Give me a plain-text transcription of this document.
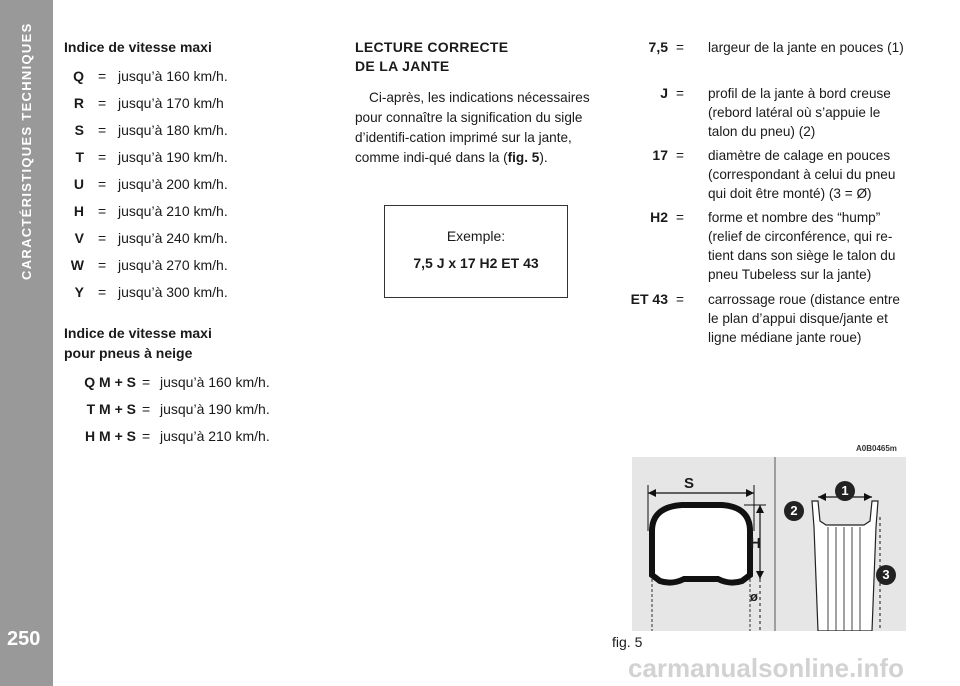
CARACTÉRISTIQUES TECHNIQUES
250
Indice de vitesse maxi
Q = jusqu’à 160 km/h.
R = jusqu’à 170 km/h
S = jusqu’à 180 km/h.
T = jusqu’à 190 km/h.
U = jusqu’à 200 km/h.
H = jusqu’à 210 km/h.
V = jusqu’à 240 km/h.
W = jusqu’à 270 km/h.
Y = jusqu’à 300 km/h.
Indice de vitesse maxi
pour pneus à neige
Q M + S = jusqu’à 160 km/h.
T M + S = jusqu’à 190 km/h.
H M + S = jusqu’à 210 km/h.
LECTURE CORRECTE
DE LA JANTE

Ci-après, les indications nécessaires pour connaître la signification du sigle d’identifi-cation imprimé sur la jante, comme indi-qué dans la (fig. 5).

Exemple:
7,5 J x 17 H2 ET 43
7,5 = largeur de la jante en pouces (1)
J = profil de la jante à bord creuse (rebord latéral où s’appuie le talon du pneu) (2)
17 = diamètre de calage en pouces (correspondant à celui du pneu qui doit être monté) (3 = Ø)
H2 = forme et nombre des “hump” (relief de circonférence, qui re-tient dans son siège le talon du pneu Tubeless sur la jante)
ET 43 = carrossage roue (distance entre le plan d’appui disque/jante et ligne médiane jante roue)
A0B0465m
S
H
ø
1
2
3
fig. 5
carmanualsonline.info
